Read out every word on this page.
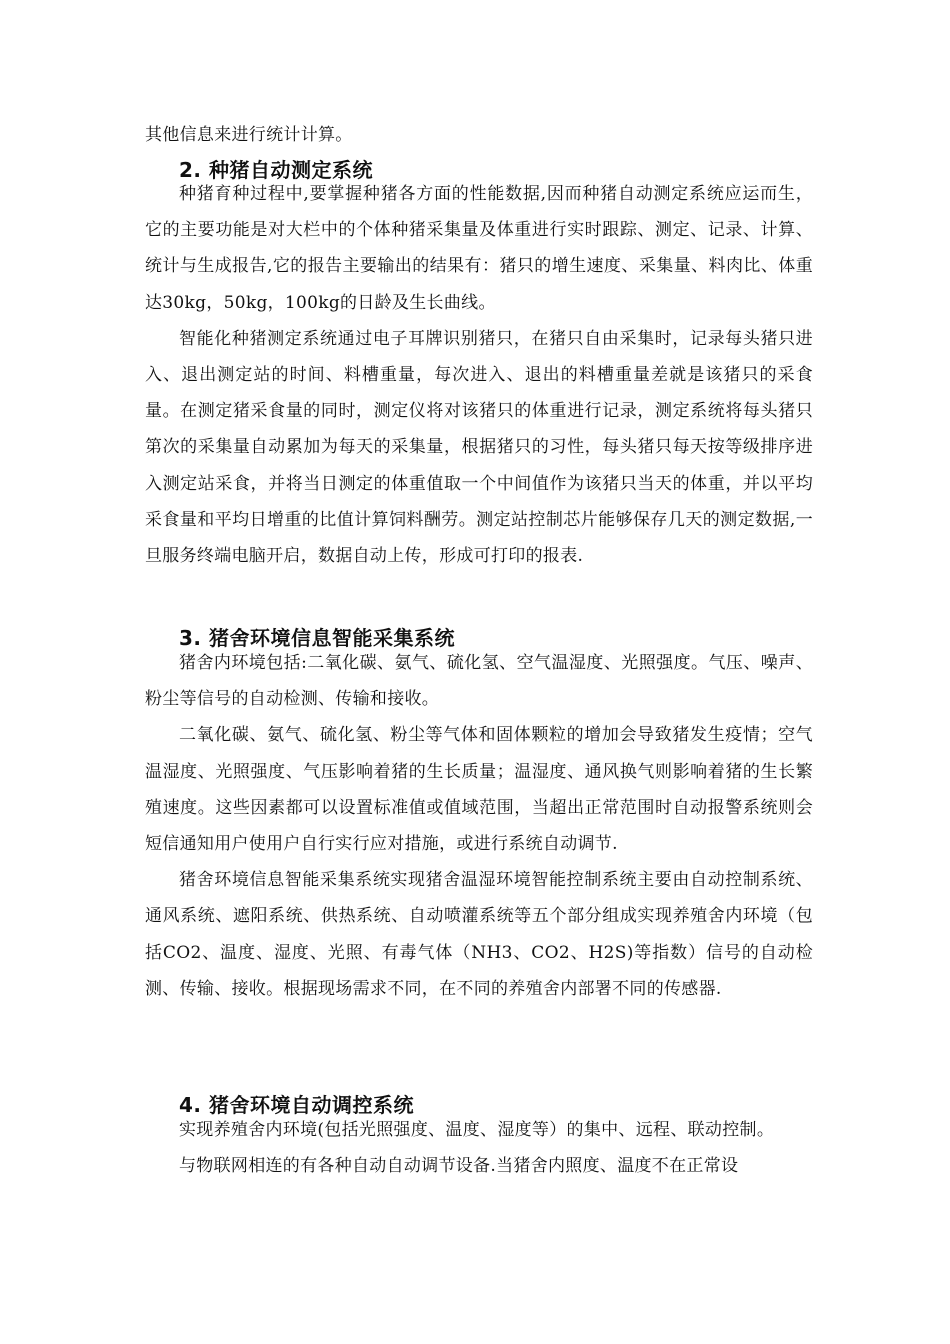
其他信息来进行统计计算。

2. 种猪自动测定系统

种猪育种过程中,要掌握种猪各方面的性能数据,因而种猪自动测定系统应运而生，它的主要功能是对大栏中的个体种猪采集量及体重进行实时跟踪、测定、记录、计算、统计与生成报告,它的报告主要输出的结果有：猪只的增生速度、采集量、料肉比、体重达30kg，50kg，100kg的日龄及生长曲线。

智能化种猪测定系统通过电子耳牌识别猪只，在猪只自由采集时，记录每头猪只进入、退出测定站的时间、料槽重量，每次进入、退出的料槽重量差就是该猪只的采食量。在测定猪采食量的同时，测定仪将对该猪只的体重进行记录，测定系统将每头猪只第次的采集量自动累加为每天的采集量，根据猪只的习性，每头猪只每天按等级排序进入测定站采食，并将当日测定的体重值取一个中间值作为该猪只当天的体重，并以平均采食量和平均日增重的比值计算饲料酬劳。测定站控制芯片能够保存几天的测定数据,一旦服务终端电脑开启，数据自动上传，形成可打印的报表.

3. 猪舍环境信息智能采集系统

猪舍内环境包括:二氧化碳、氨气、硫化氢、空气温湿度、光照强度。气压、噪声、粉尘等信号的自动检测、传输和接收。

二氧化碳、氨气、硫化氢、粉尘等气体和固体颗粒的增加会导致猪发生疫情；空气温湿度、光照强度、气压影响着猪的生长质量；温湿度、通风换气则影响着猪的生长繁殖速度。这些因素都可以设置标准值或值域范围，当超出正常范围时自动报警系统则会短信通知用户使用户自行实行应对措施，或进行系统自动调节.

猪舍环境信息智能采集系统实现猪舍温湿环境智能控制系统主要由自动控制系统、通风系统、遮阳系统、供热系统、自动喷灌系统等五个部分组成实现养殖舍内环境（包括CO2、温度、湿度、光照、有毒气体（NH3、CO2、H2S)等指数）信号的自动检测、传输、接收。根据现场需求不同，在不同的养殖舍内部署不同的传感器.

4. 猪舍环境自动调控系统

实现养殖舍内环境(包括光照强度、温度、湿度等）的集中、远程、联动控制。

与物联网相连的有各种自动自动调节设备.当猪舍内照度、温度不在正常设
